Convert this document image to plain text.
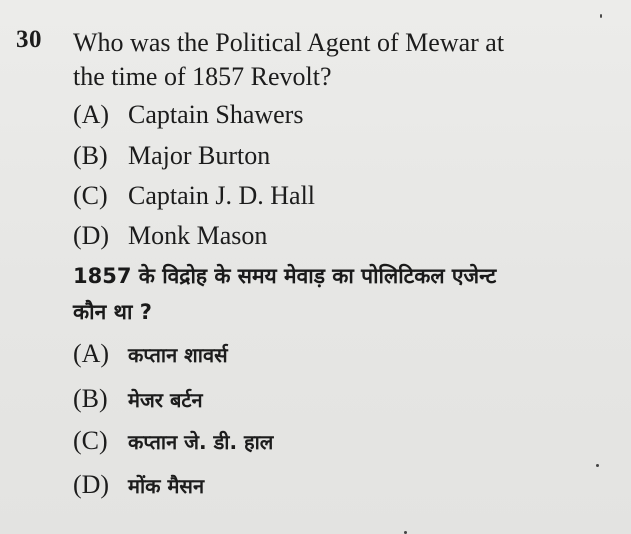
30 Who was the Political Agent of Mewar at
the time of 1857 Revolt?
(A) Captain Shawers
(B) Major Burton
(C) Captain J. D. Hall
(D) Monk Mason
1857 के विद्रोह के समय मेवाड़ का पोलिटिकल एजेन्ट
कौन था ?
(A) कप्तान शावर्स
(B) मेजर बर्टन
(C) कप्तान जे. डी. हाल
(D) मोंक मैसन
